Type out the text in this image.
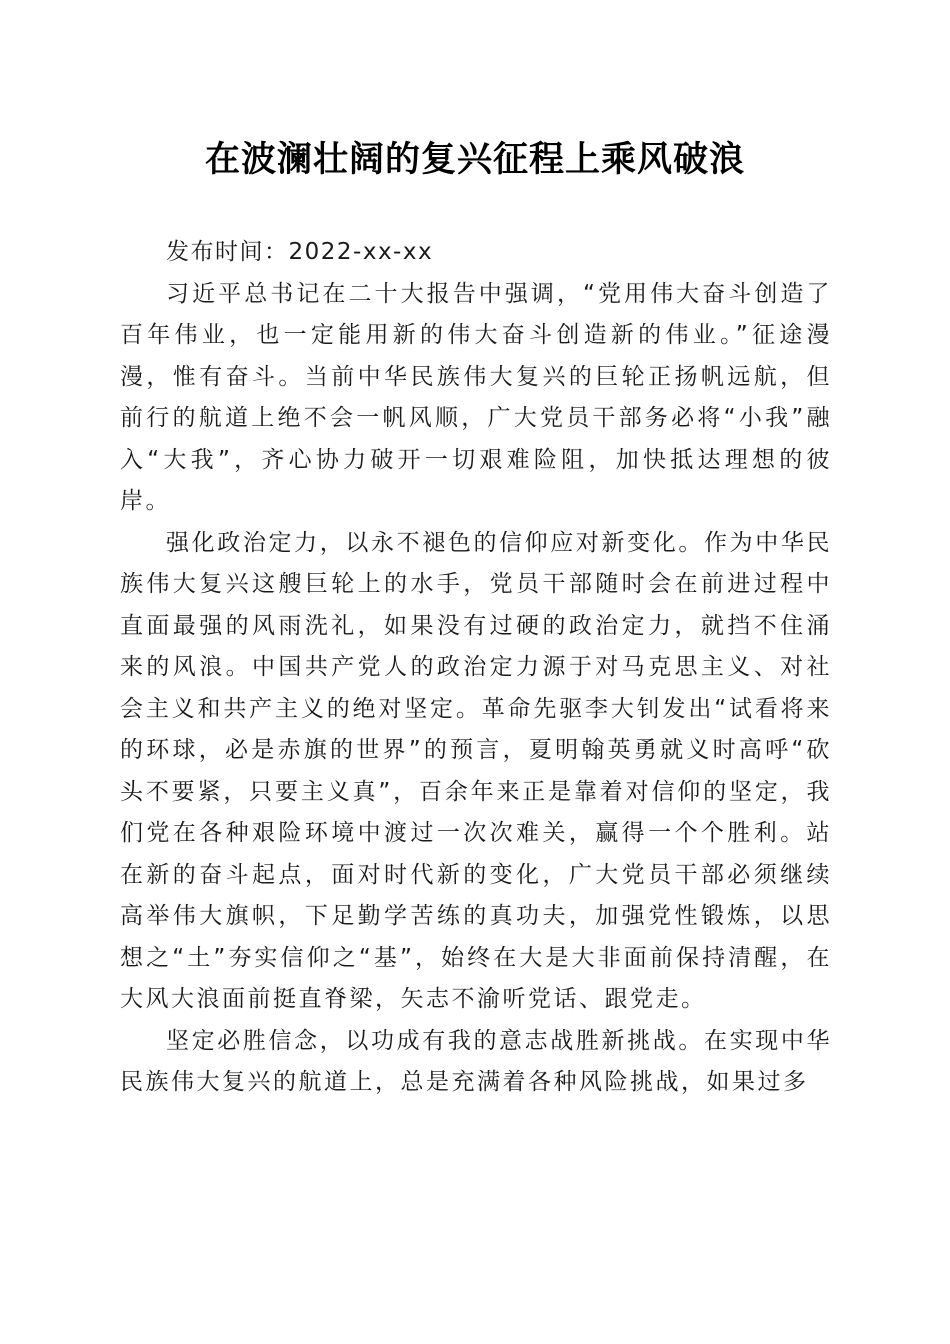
在波澜壮阔的复兴征程上乘风破浪
发布时间：2022-xx-xx

习近平总书记在二十大报告中强调，“党用伟大奋斗创造了百年伟业，也一定能用新的伟大奋斗创造新的伟业。”征途漫漫，惟有奋斗。当前中华民族伟大复兴的巨轮正扬帆远航，但前行的航道上绝不会一帆风顺，广大党员干部务必将“小我”融入“大我”，齐心协力破开一切艰难险阻，加快抵达理想的彼岸。

强化政治定力，以永不褪色的信仰应对新变化。作为中华民族伟大复兴这艘巨轮上的水手，党员干部随时会在前进过程中直面最强的风雨洗礼，如果没有过硬的政治定力，就挡不住涌来的风浪。中国共产党人的政治定力源于对马克思主义、对社会主义和共产主义的绝对坚定。革命先驱李大钊发出“试看将来的环球，必是赤旗的世界”的预言，夏明翰英勇就义时高呼“砍头不要紧，只要主义真”，百余年来正是靠着对信仰的坚定，我们党在各种艰险环境中渡过一次次难关，赢得一个个胜利。站在新的奋斗起点，面对时代新的变化，广大党员干部必须继续高举伟大旗帜，下足勤学苦练的真功夫，加强党性锻炼，以思想之“土”夯实信仰之“基”，始终在大是大非面前保持清醒，在大风大浪面前挺直脊梁，矢志不渝听党话、跟党走。

坚定必胜信念，以功成有我的意志战胜新挑战。在实现中华民族伟大复兴的航道上，总是充满着各种风险挑战，如果过多
